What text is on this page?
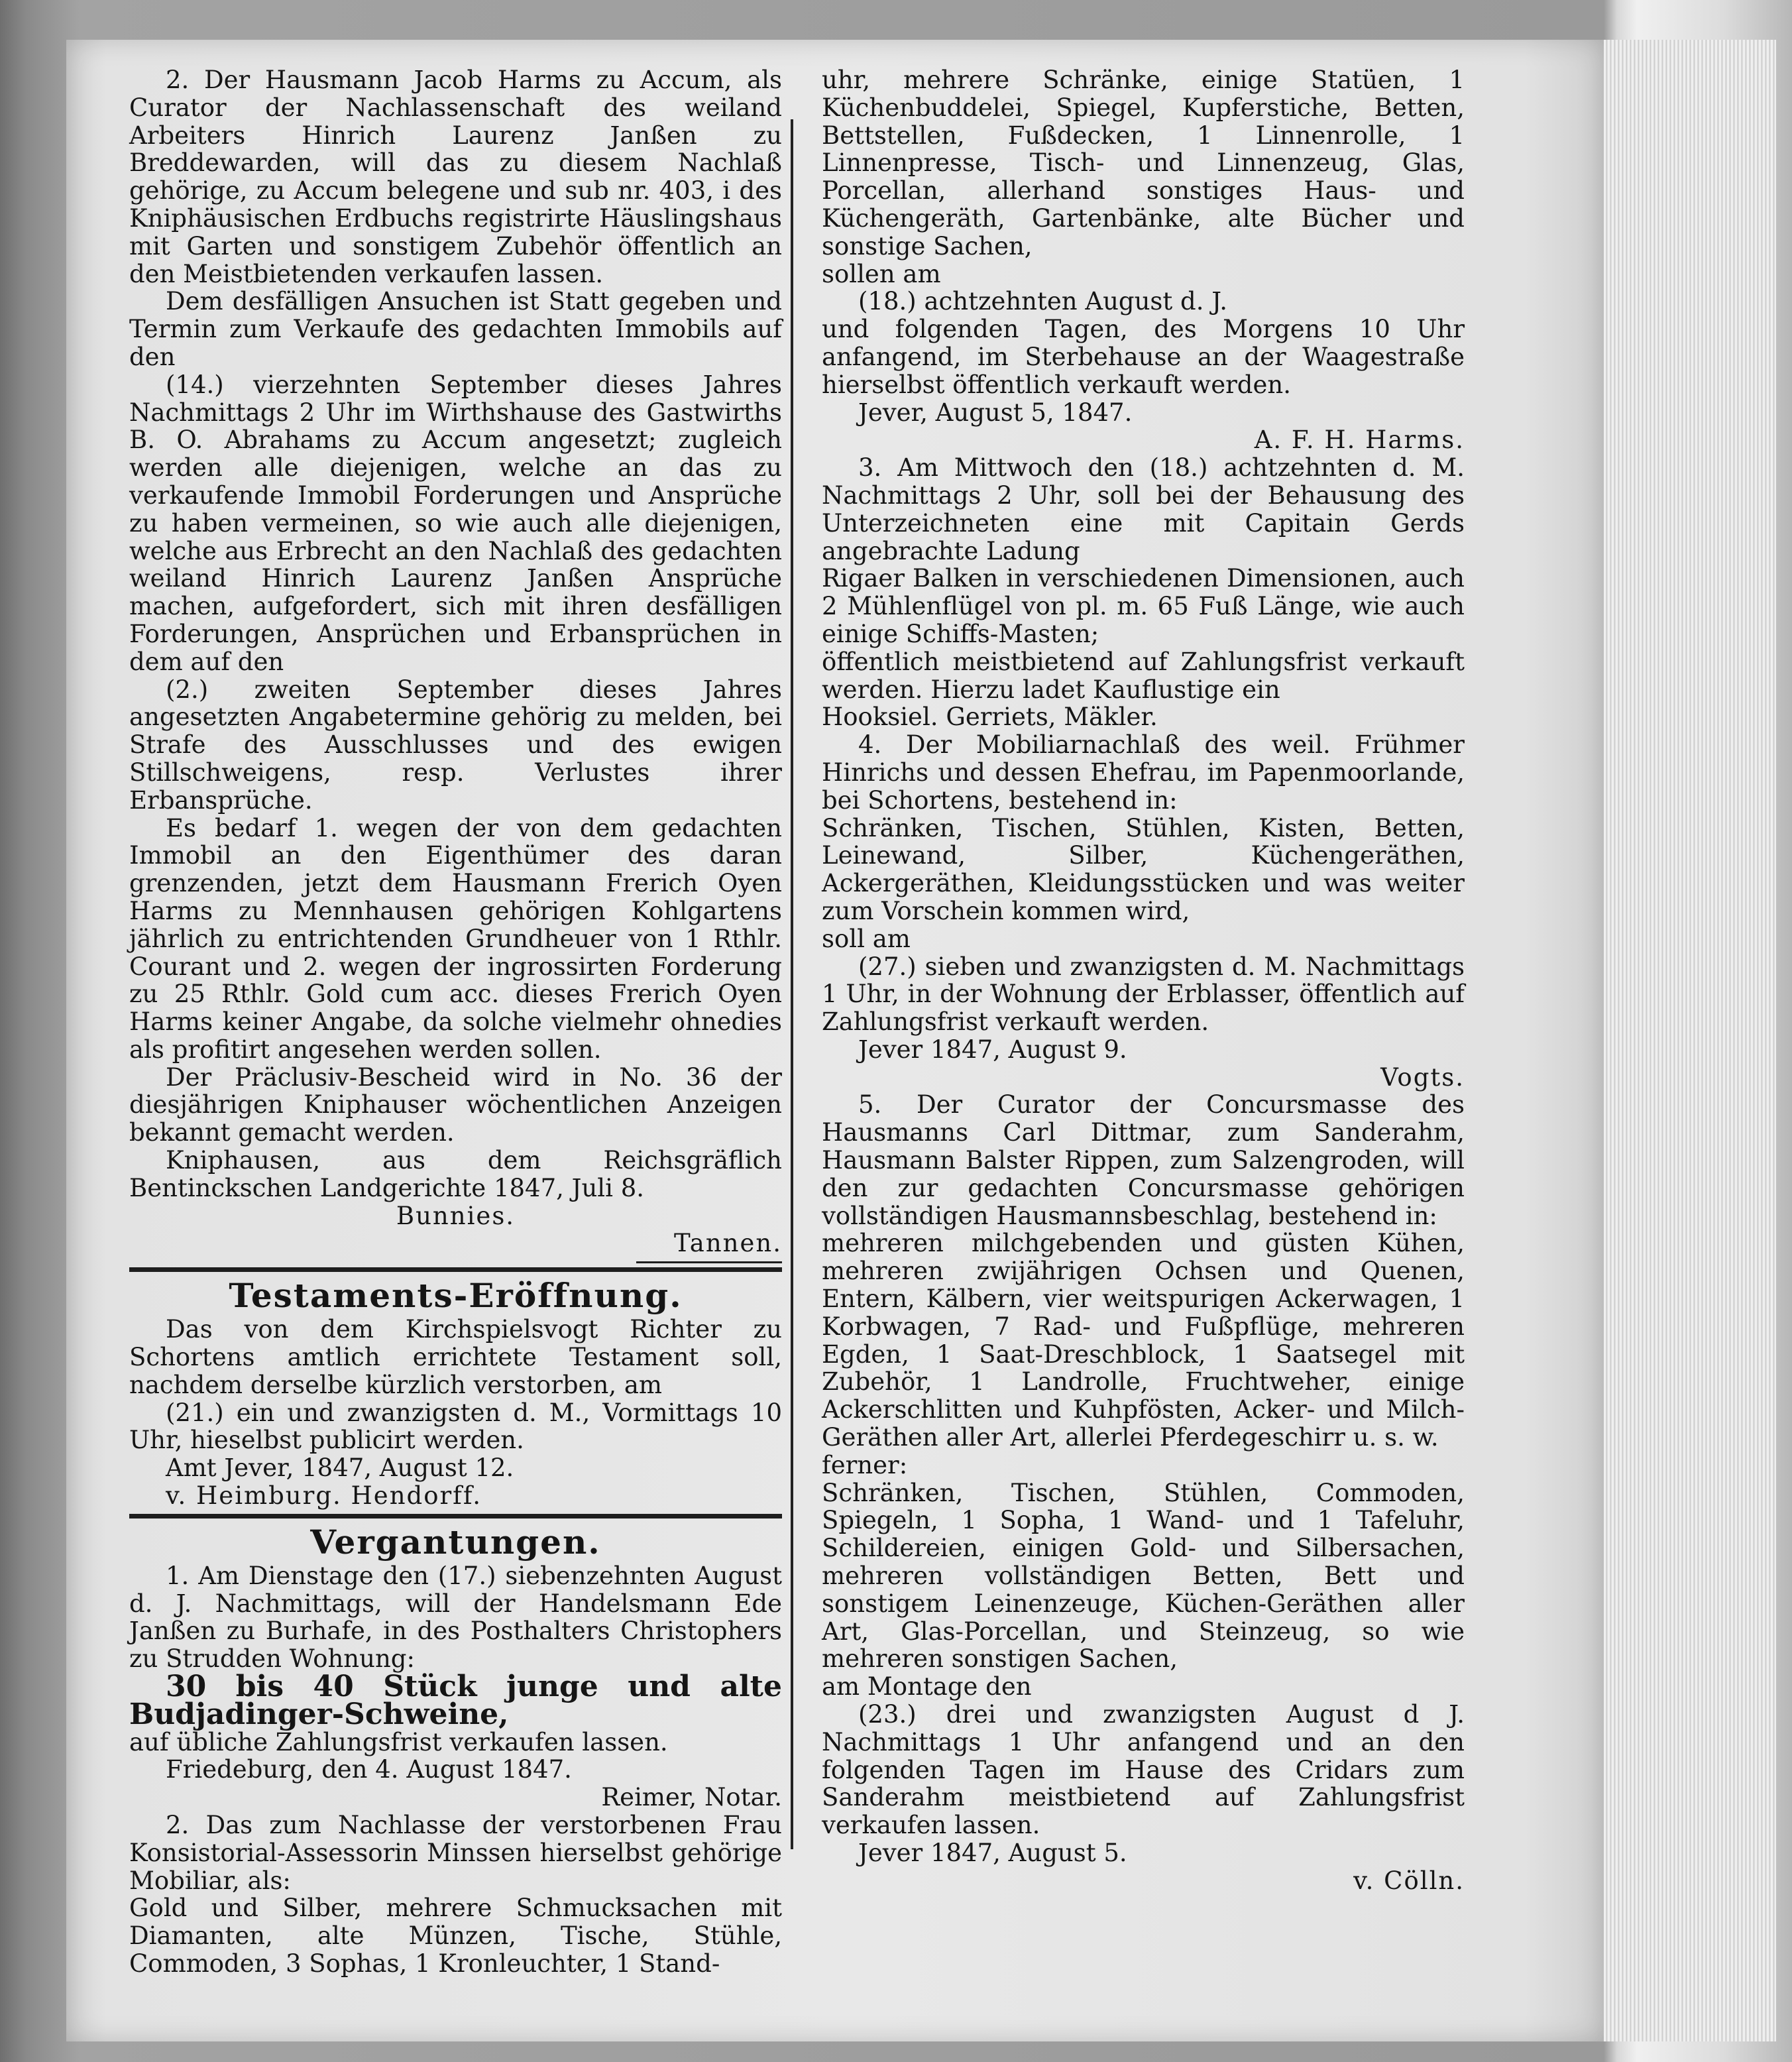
2. Der Hausmann Jacob Harms zu Accum, als Curator der Nachlassenschaft des weiland Arbeiters Hinrich Laurenz Janßen zu Breddewarden, will das zu diesem Nachlaß gehörige, zu Accum belegene und sub nr. 403, i des Kniphäusischen Erdbuchs registrirte Häuslingshaus mit Garten und sonstigem Zubehör öffentlich an den Meistbietenden verkaufen lassen.

Dem desfälligen Ansuchen ist Statt gegeben und Termin zum Verkaufe des gedachten Immobils auf den

(14.) vierzehnten September dieses Jahres Nachmittags 2 Uhr im Wirthshause des Gastwirths B. O. Abrahams zu Accum angesetzt; zugleich werden alle diejenigen, welche an das zu verkaufende Immobil Forderungen und Ansprüche zu haben vermeinen, so wie auch alle diejenigen, welche aus Erbrecht an den Nachlaß des gedachten weiland Hinrich Laurenz Janßen Ansprüche machen, aufgefordert, sich mit ihren desfälligen Forderungen, Ansprüchen und Erbansprüchen in dem auf den

(2.) zweiten September dieses Jahres angesetzten Angabetermine gehörig zu melden, bei Strafe des Ausschlusses und des ewigen Stillschweigens, resp. Verlustes ihrer Erbansprüche.

Es bedarf 1. wegen der von dem gedachten Immobil an den Eigenthümer des daran grenzenden, jetzt dem Hausmann Frerich Oyen Harms zu Mennhausen gehörigen Kohlgartens jährlich zu entrichtenden Grundheuer von 1 Rthlr. Courant und 2. wegen der ingrossirten Forderung zu 25 Rthlr. Gold cum acc. dieses Frerich Oyen Harms keiner Angabe, da solche vielmehr ohnedies als profitirt angesehen werden sollen.

Der Präclusiv-Bescheid wird in No. 36 der diesjährigen Kniphauser wöchentlichen Anzeigen bekannt gemacht werden.

Kniphausen, aus dem Reichsgräflich Bentinckschen Landgerichte 1847, Juli 8.

Bunnies.

Tannen.

Testaments-Eröffnung.

Das von dem Kirchspielsvogt Richter zu Schortens amtlich errichtete Testament soll, nachdem derselbe kürzlich verstorben, am

(21.) ein und zwanzigsten d. M., Vormittags 10 Uhr, hieselbst publicirt werden.

Amt Jever, 1847, August 12.

v. Heimburg. Hendorff.

Vergantungen.

1. Am Dienstage den (17.) siebenzehnten August d. J. Nachmittags, will der Handelsmann Ede Janßen zu Burhafe, in des Posthalters Christophers zu Strudden Wohnung:

30 bis 40 Stück junge und alte Budjadinger-Schweine,

auf übliche Zahlungsfrist verkaufen lassen.

Friedeburg, den 4. August 1847.

Reimer, Notar.

2. Das zum Nachlasse der verstorbenen Frau Konsistorial-Assessorin Minssen hierselbst gehörige Mobiliar, als:

Gold und Silber, mehrere Schmucksachen mit Diamanten, alte Münzen, Tische, Stühle, Commoden, 3 Sophas, 1 Kronleuchter, 1 Stand-

uhr, mehrere Schränke, einige Statüen, 1 Küchenbuddelei, Spiegel, Kupferstiche, Betten, Bettstellen, Fußdecken, 1 Linnenrolle, 1 Linnenpresse, Tisch- und Linnenzeug, Glas, Porcellan, allerhand sonstiges Haus- und Küchengeräth, Gartenbänke, alte Bücher und sonstige Sachen,

sollen am

(18.) achtzehnten August d. J.

und folgenden Tagen, des Morgens 10 Uhr anfangend, im Sterbehause an der Waagestraße hierselbst öffentlich verkauft werden.

Jever, August 5, 1847.

A. F. H. Harms.

3. Am Mittwoch den (18.) achtzehnten d. M. Nachmittags 2 Uhr, soll bei der Behausung des Unterzeichneten eine mit Capitain Gerds angebrachte Ladung

Rigaer Balken in verschiedenen Dimensionen, auch 2 Mühlenflügel von pl. m. 65 Fuß Länge, wie auch einige Schiffs-Masten;

öffentlich meistbietend auf Zahlungsfrist verkauft werden. Hierzu ladet Kauflustige ein

Hooksiel. Gerriets, Mäkler.

4. Der Mobiliarnachlaß des weil. Frühmer Hinrichs und dessen Ehefrau, im Papenmoorlande, bei Schortens, bestehend in:

Schränken, Tischen, Stühlen, Kisten, Betten, Leinewand, Silber, Küchengeräthen, Ackergeräthen, Kleidungsstücken und was weiter zum Vorschein kommen wird,

soll am

(27.) sieben und zwanzigsten d. M. Nachmittags 1 Uhr, in der Wohnung der Erblasser, öffentlich auf Zahlungsfrist verkauft werden.

Jever 1847, August 9.

Vogts.

5. Der Curator der Concursmasse des Hausmanns Carl Dittmar, zum Sanderahm, Hausmann Balster Rippen, zum Salzengroden, will den zur gedachten Concursmasse gehörigen vollständigen Hausmannsbeschlag, bestehend in:

mehreren milchgebenden und güsten Kühen, mehreren zwijährigen Ochsen und Quenen, Entern, Kälbern, vier weitspurigen Ackerwagen, 1 Korbwagen, 7 Rad- und Fußpflüge, mehreren Egden, 1 Saat-Dreschblock, 1 Saatsegel mit Zubehör, 1 Landrolle, Fruchtweher, einige Ackerschlitten und Kuhpfösten, Acker- und Milch-Geräthen aller Art, allerlei Pferdegeschirr u. s. w.

ferner:

Schränken, Tischen, Stühlen, Commoden, Spiegeln, 1 Sopha, 1 Wand- und 1 Tafeluhr, Schildereien, einigen Gold- und Silbersachen, mehreren vollständigen Betten, Bett und sonstigem Leinenzeuge, Küchen-Geräthen aller Art, Glas-Porcellan, und Steinzeug, so wie mehreren sonstigen Sachen,

am Montage den

(23.) drei und zwanzigsten August d J. Nachmittags 1 Uhr anfangend und an den folgenden Tagen im Hause des Cridars zum Sanderahm meistbietend auf Zahlungsfrist verkaufen lassen.

Jever 1847, August 5.

v. Cölln.
